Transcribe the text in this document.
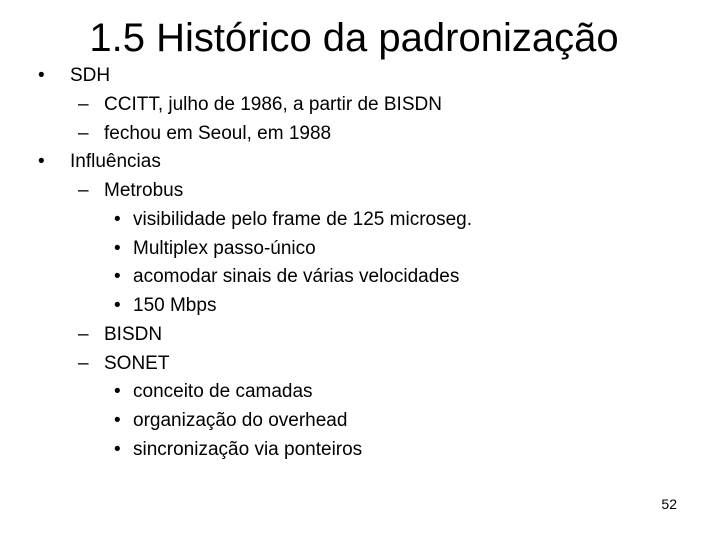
1.5 Histórico da padronização
• SDH
– CCITT, julho de 1986, a partir de BISDN
– fechou em Seoul, em 1988
• Influências
– Metrobus
• visibilidade pelo frame de 125 microseg.
• Multiplex passo-único
• acomodar sinais de várias velocidades
• 150 Mbps
– BISDN
– SONET
• conceito de camadas
• organização do overhead
• sincronização via ponteiros
52
